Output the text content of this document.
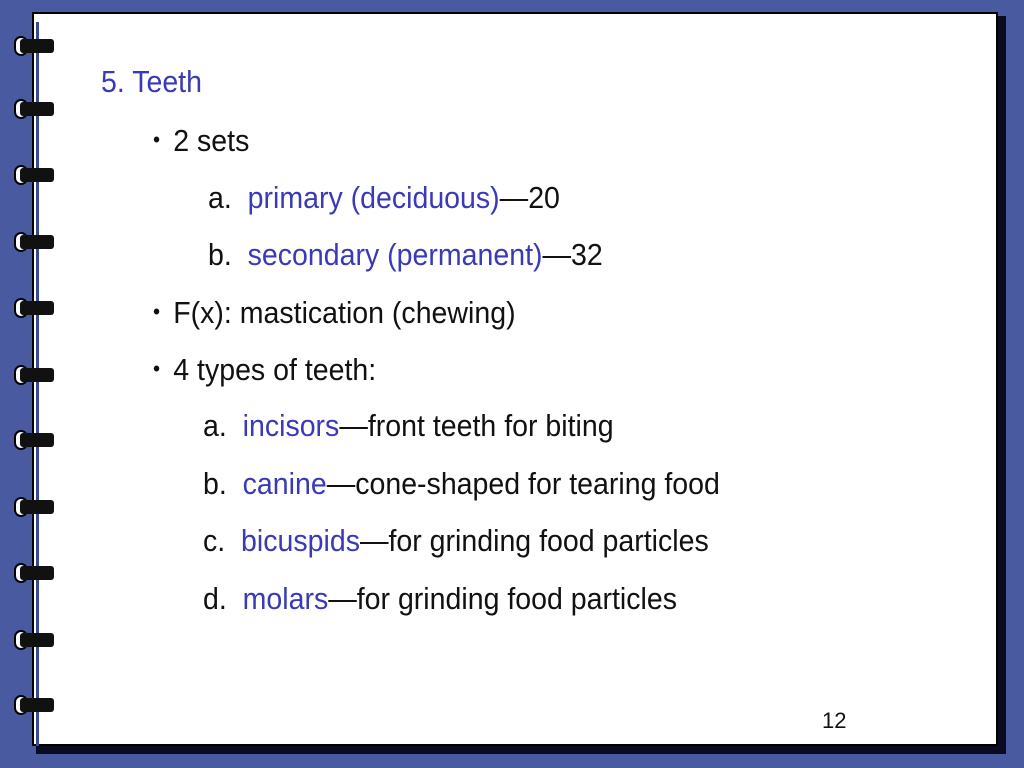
5. Teeth
• 2 sets
a. primary (deciduous)—20
b. secondary (permanent)—32
• F(x): mastication (chewing)
• 4 types of teeth:
a. incisors—front teeth for biting
b. canine—cone-shaped for tearing food
c. bicuspids—for grinding food particles
d. molars—for grinding food particles
12
